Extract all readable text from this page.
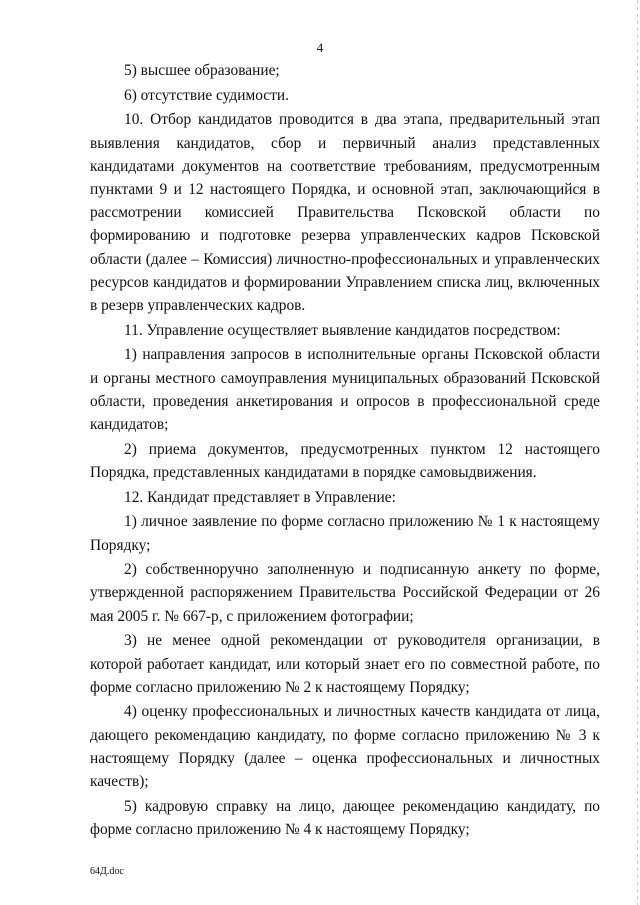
4

5) высшее образование;

6) отсутствие судимости.

10. Отбор кандидатов проводится в два этапа, предварительный этап выявления кандидатов, сбор и первичный анализ представленных кандидатами документов на соответствие требованиям, предусмотренным пунктами 9 и 12 настоящего Порядка, и основной этап, заключающийся в рассмотрении комиссией Правительства Псковской области по формированию и подготовке резерва управленческих кадров Псковской области (далее – Комиссия) личностно-профессиональных и управленческих ресурсов кандидатов и формировании Управлением списка лиц, включенных в резерв управленческих кадров.

11. Управление осуществляет выявление кандидатов посредством:

1) направления запросов в исполнительные органы Псковской области и органы местного самоуправления муниципальных образований Псковской области, проведения анкетирования и опросов в профессиональной среде кандидатов;

2) приема документов, предусмотренных пунктом 12 настоящего Порядка, представленных кандидатами в порядке самовыдвижения.

12. Кандидат представляет в Управление:

1) личное заявление по форме согласно приложению № 1 к настоящему Порядку;

2) собственноручно заполненную и подписанную анкету по форме, утвержденной распоряжением Правительства Российской Федерации от 26 мая 2005 г. № 667-р, с приложением фотографии;

3) не менее одной рекомендации от руководителя организации, в которой работает кандидат, или который знает его по совместной работе, по форме согласно приложению № 2 к настоящему Порядку;

4) оценку профессиональных и личностных качеств кандидата от лица, дающего рекомендацию кандидату, по форме согласно приложению № 3 к настоящему Порядку (далее – оценка профессиональных и личностных качеств);

5) кадровую справку на лицо, дающее рекомендацию кандидату, по форме согласно приложению № 4 к настоящему Порядку;

64Д.doc
